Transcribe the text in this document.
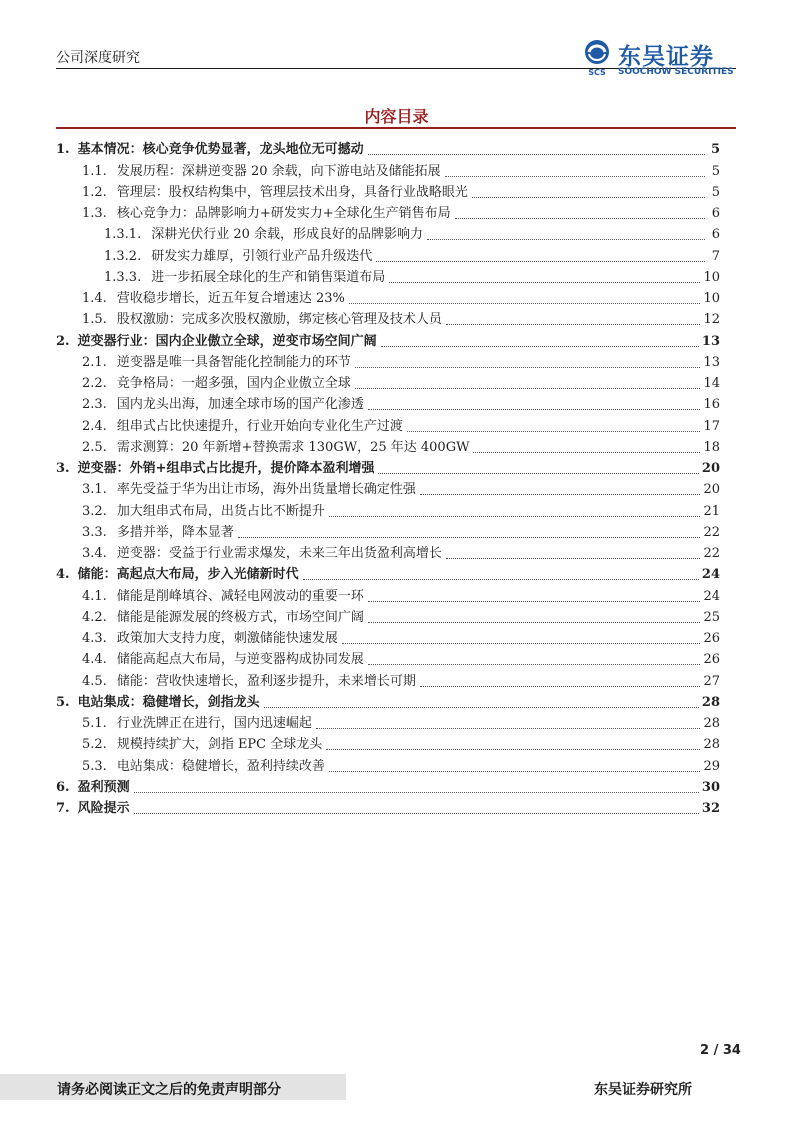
公司深度研究
SCS
东吴证券
SOOCHOW SECURITIES
内容目录
1. 基本情况：核心竞争优势显著，龙头地位无可撼动	5
1.1. 发展历程：深耕逆变器 20 余载，向下游电站及储能拓展	5
1.2. 管理层：股权结构集中，管理层技术出身，具备行业战略眼光	5
1.3. 核心竞争力：品牌影响力+研发实力+全球化生产销售布局	6
1.3.1. 深耕光伏行业 20 余载，形成良好的品牌影响力	6
1.3.2. 研发实力雄厚，引领行业产品升级迭代	7
1.3.3. 进一步拓展全球化的生产和销售渠道布局	10
1.4. 营收稳步增长，近五年复合增速达 23%	10
1.5. 股权激励：完成多次股权激励，绑定核心管理及技术人员	12
2. 逆变器行业：国内企业傲立全球，逆变市场空间广阔	13
2.1. 逆变器是唯一具备智能化控制能力的环节	13
2.2. 竞争格局：一超多强，国内企业傲立全球	14
2.3. 国内龙头出海，加速全球市场的国产化渗透	16
2.4. 组串式占比快速提升，行业开始向专业化生产过渡	17
2.5. 需求测算：20 年新增+替换需求 130GW，25 年达 400GW	18
3. 逆变器：外销+组串式占比提升，提价降本盈利增强	20
3.1. 率先受益于华为出让市场，海外出货量增长确定性强	20
3.2. 加大组串式布局，出货占比不断提升	21
3.3. 多措并举，降本显著	22
3.4. 逆变器：受益于行业需求爆发，未来三年出货盈利高增长	22
4. 储能：高起点大布局，步入光储新时代	24
4.1. 储能是削峰填谷、减轻电网波动的重要一环	24
4.2. 储能是能源发展的终极方式，市场空间广阔	25
4.3. 政策加大支持力度，刺激储能快速发展	26
4.4. 储能高起点大布局，与逆变器构成协同发展	26
4.5. 储能：营收快速增长，盈利逐步提升，未来增长可期	27
5. 电站集成：稳健增长，剑指龙头	28
5.1. 行业洗牌正在进行，国内迅速崛起	28
5.2. 规模持续扩大，剑指 EPC 全球龙头	28
5.3. 电站集成：稳健增长，盈利持续改善	29
6. 盈利预测	30
7. 风险提示	32
2 / 34
请务必阅读正文之后的免责声明部分	东吴证券研究所
